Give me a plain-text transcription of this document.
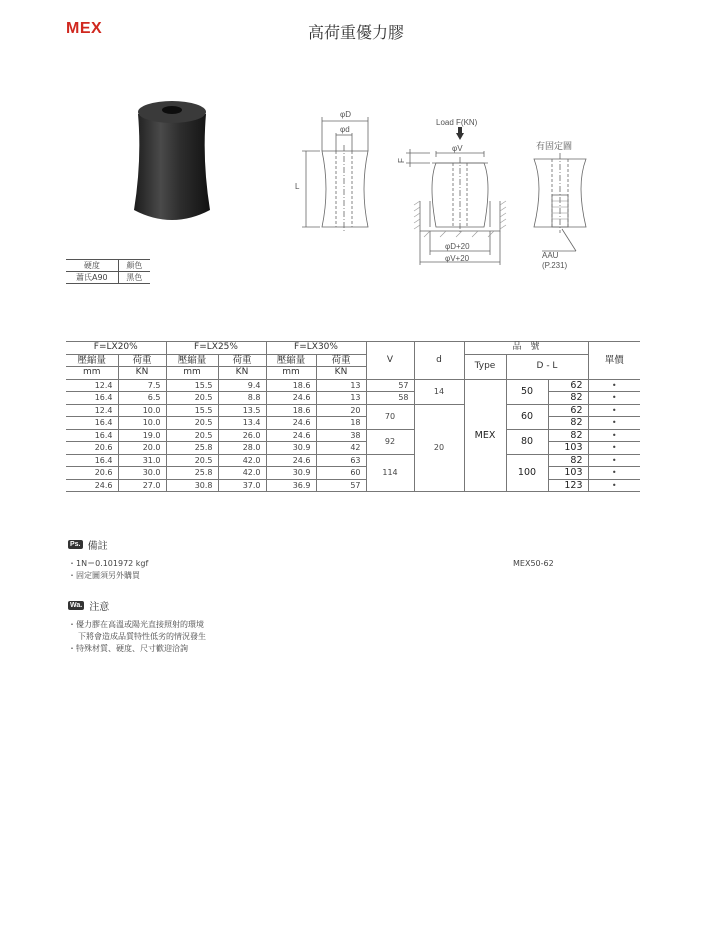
MEX	高荷重優力膠
φD
φd
L
Load F(KN)
φV
F
φD+20
φV+20
有固定圖
AAU
(P.231)
硬度	顏色
蕭氏A90	黑色
F=LX20%		F=LX25%		F=LX30%		V	d	品　號			單價
壓縮量	荷重	壓縮量	荷重	壓縮量	荷重			Type	D - L		
mm	KN	mm	KN	mm	KN						
12.4	7.5	15.5	9.4	18.6	13	57	14	MEX	50	62	•
16.4	6.5	20.5	8.8	24.6	13	58				82	•
12.4	10.0	15.5	13.5	18.6	20	70	20		60	62	•
16.4	10.0	20.5	13.4	24.6	18					82	•
16.4	19.0	20.5	26.0	24.6	38	92			80	82	•
20.6	20.0	25.8	28.0	30.9	42					103	•
16.4	31.0	20.5	42.0	24.6	63	114			100	82	•
20.6	30.0	25.8	42.0	30.9	60					103	•
24.6	27.0	30.8	37.0	36.9	57					123	•
Ps. 備註
・1N＝0.101972 kgf
・固定圖須另外購買
MEX50-62
Wa. 注意
・優力膠在高溫或陽光直接照射的環境
下將會造成品質特性低劣的情況發生
・特殊材質、硬度、尺寸歡迎洽詢
